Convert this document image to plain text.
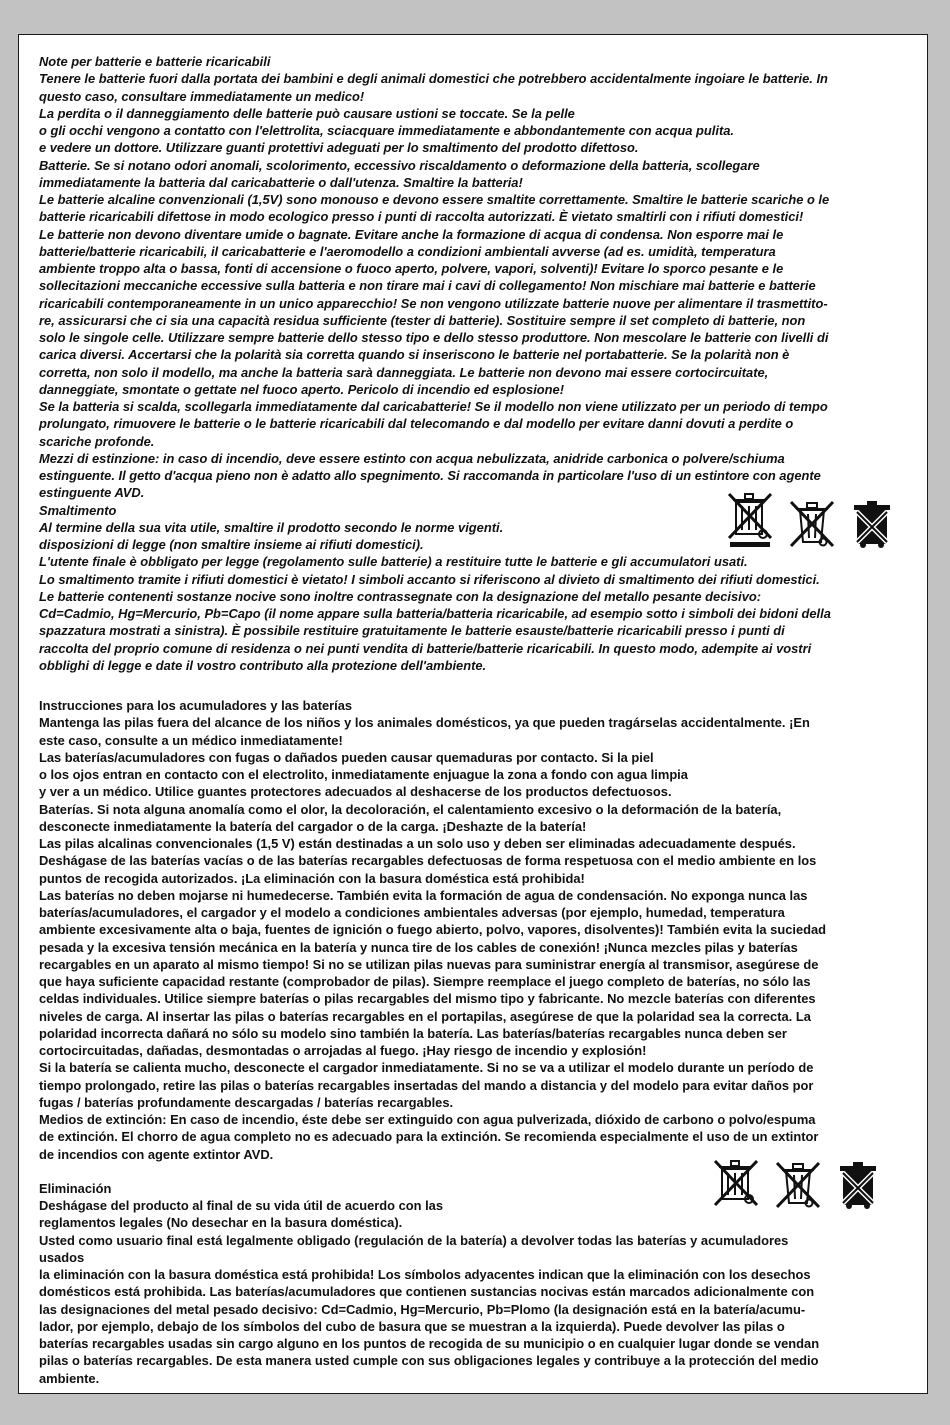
Note per batterie e batterie ricaricabili

Tenere le batterie fuori dalla portata dei bambini e degli animali domestici che potrebbero accidentalmente ingoiare le batterie. In

questo caso, consultare immediatamente un medico!

La perdita o il danneggiamento delle batterie può causare ustioni se toccate. Se la pelle

o gli occhi vengono a contatto con l'elettrolita, sciacquare immediatamente e abbondantemente con acqua pulita.

e vedere un dottore. Utilizzare guanti protettivi adeguati per lo smaltimento del prodotto difettoso.

Batterie. Se si notano odori anomali, scolorimento, eccessivo riscaldamento o deformazione della batteria, scollegare

immediatamente la batteria dal caricabatterie o dall'utenza. Smaltire la batteria!

Le batterie alcaline convenzionali (1,5V) sono monouso e devono essere smaltite correttamente. Smaltire le batterie scariche o le

batterie ricaricabili difettose in modo ecologico presso i punti di raccolta autorizzati. È vietato smaltirli con i rifiuti domestici!

Le batterie non devono diventare umide o bagnate. Evitare anche la formazione di acqua di condensa. Non esporre mai le

batterie/batterie ricaricabili, il caricabatterie e l'aeromodello a condizioni ambientali avverse (ad es. umidità, temperatura

ambiente troppo alta o bassa, fonti di accensione o fuoco aperto, polvere, vapori, solventi)! Evitare lo sporco pesante e le

sollecitazioni meccaniche eccessive sulla batteria e non tirare mai i cavi di collegamento! Non mischiare mai batterie e batterie

ricaricabili contemporaneamente in un unico apparecchio! Se non vengono utilizzate batterie nuove per alimentare il trasmettito-

re, assicurarsi che ci sia una capacità residua sufficiente (tester di batterie). Sostituire sempre il set completo di batterie, non

solo le singole celle. Utilizzare sempre batterie dello stesso tipo e dello stesso produttore. Non mescolare le batterie con livelli di

carica diversi. Accertarsi che la polarità sia corretta quando si inseriscono le batterie nel portabatterie. Se la polarità non è

corretta, non solo il modello, ma anche la batteria sarà danneggiata. Le batterie non devono mai essere cortocircuitate,

danneggiate, smontate o gettate nel fuoco aperto. Pericolo di incendio ed esplosione!

Se la batteria si scalda, scollegarla immediatamente dal caricabatterie! Se il modello non viene utilizzato per un periodo di tempo

prolungato, rimuovere le batterie o le batterie ricaricabili dal telecomando e dal modello per evitare danni dovuti a perdite o

scariche profonde.

Mezzi di estinzione: in caso di incendio, deve essere estinto con acqua nebulizzata, anidride carbonica o polvere/schiuma

estinguente. Il getto d'acqua pieno non è adatto allo spegnimento. Si raccomanda in particolare l'uso di un estintore con agente

estinguente AVD.

Smaltimento

Al termine della sua vita utile, smaltire il prodotto secondo le norme vigenti.

disposizioni di legge (non smaltire insieme ai rifiuti domestici).

L'utente finale è obbligato per legge (regolamento sulle batterie) a restituire tutte le batterie e gli accumulatori usati.

Lo smaltimento tramite i rifiuti domestici è vietato! I simboli accanto si riferiscono al divieto di smaltimento dei rifiuti domestici.

Le batterie contenenti sostanze nocive sono inoltre contrassegnate con la designazione del metallo pesante decisivo:

Cd=Cadmio, Hg=Mercurio, Pb=Capo (il nome appare sulla batteria/batteria ricaricabile, ad esempio sotto i simboli dei bidoni della

spazzatura mostrati a sinistra). È possibile restituire gratuitamente le batterie esauste/batterie ricaricabili presso i punti di

raccolta del proprio comune di residenza o nei punti vendita di batterie/batterie ricaricabili. In questo modo, adempite ai vostri

obblighi di legge e date il vostro contributo alla protezione dell'ambiente.

Instrucciones para los acumuladores y las baterías

Mantenga las pilas fuera del alcance de los niños y los animales domésticos, ya que pueden tragárselas accidentalmente. ¡En

este caso, consulte a un médico inmediatamente!

Las baterías/acumuladores con fugas o dañados pueden causar quemaduras por contacto. Si la piel

o los ojos entran en contacto con el electrolito, inmediatamente enjuague la zona a fondo con agua limpia

y ver a un médico. Utilice guantes protectores adecuados al deshacerse de los productos defectuosos.

Baterías. Si nota alguna anomalía como el olor, la decoloración, el calentamiento excesivo o la deformación de la batería,

desconecte inmediatamente la batería del cargador o de la carga. ¡Deshazte de la batería!

Las pilas alcalinas convencionales (1,5 V) están destinadas a un solo uso y deben ser eliminadas adecuadamente después.

Deshágase de las baterías vacías o de las baterías recargables defectuosas de forma respetuosa con el medio ambiente en los

puntos de recogida autorizados. ¡La eliminación con la basura doméstica está prohibida!

Las baterías no deben mojarse ni humedecerse. También evita la formación de agua de condensación. No exponga nunca las

baterías/acumuladores, el cargador y el modelo a condiciones ambientales adversas (por ejemplo, humedad, temperatura

ambiente excesivamente alta o baja, fuentes de ignición o fuego abierto, polvo, vapores, disolventes)! También evita la suciedad

pesada y la excesiva tensión mecánica en la batería y nunca tire de los cables de conexión! ¡Nunca mezcles pilas y baterías

recargables en un aparato al mismo tiempo! Si no se utilizan pilas nuevas para suministrar energía al transmisor, asegúrese de

que haya suficiente capacidad restante (comprobador de pilas). Siempre reemplace el juego completo de baterías, no sólo las

celdas individuales. Utilice siempre baterías o pilas recargables del mismo tipo y fabricante. No mezcle baterías con diferentes

niveles de carga. Al insertar las pilas o baterías recargables en el portapilas, asegúrese de que la polaridad sea la correcta. La

polaridad incorrecta dañará no sólo su modelo sino también la batería. Las baterías/baterías recargables nunca deben ser

cortocircuitadas, dañadas, desmontadas o arrojadas al fuego. ¡Hay riesgo de incendio y explosión!

Si la batería se calienta mucho, desconecte el cargador inmediatamente. Si no se va a utilizar el modelo durante un período de

tiempo prolongado, retire las pilas o baterías recargables insertadas del mando a distancia y del modelo para evitar daños por

fugas / baterías profundamente descargadas / baterías recargables.

Medios de extinción: En caso de incendio, éste debe ser extinguido con agua pulverizada, dióxido de carbono o polvo/espuma

de extinción. El chorro de agua completo no es adecuado para la extinción. Se recomienda especialmente el uso de un extintor

de incendios con agente extintor AVD.

Eliminación

Deshágase del producto al final de su vida útil de acuerdo con las

reglamentos legales (No desechar en la basura doméstica).

Usted como usuario final está legalmente obligado (regulación de la batería) a devolver todas las baterías y acumuladores

usados

la eliminación con la basura doméstica está prohibida! Los símbolos adyacentes indican que la eliminación con los desechos

domésticos está prohibida. Las baterías/acumuladores que contienen sustancias nocivas están marcados adicionalmente con

las designaciones del metal pesado decisivo: Cd=Cadmio, Hg=Mercurio, Pb=Plomo (la designación está en la batería/acumu-

lador, por ejemplo, debajo de los símbolos del cubo de basura que se muestran a la izquierda). Puede devolver las pilas o

baterías recargables usadas sin cargo alguno en los puntos de recogida de su municipio o en cualquier lugar donde se vendan

pilas o baterías recargables. De esta manera usted cumple con sus obligaciones legales y contribuye a la protección del medio

ambiente.
